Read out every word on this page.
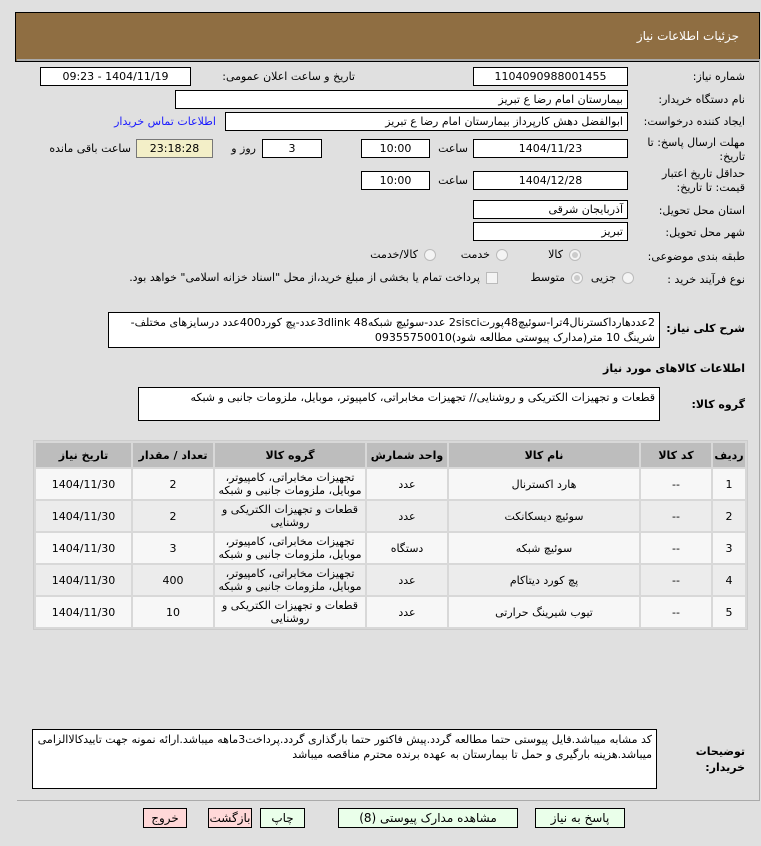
جزئیات اطلاعات نیاز
شماره نیاز:
1104090988001455
تاریخ و ساعت اعلان عمومی:
1404/11/19 - 09:23
نام دستگاه خریدار:
بیمارستان امام رضا ع تبریز
ایجاد کننده درخواست:
ابوالفضل دهش کارپرداز بیمارستان امام رضا ع تبریز
اطلاعات تماس خریدار
مهلت ارسال پاسخ: تا تاریخ:
1404/11/23
ساعت
10:00
3
روز و
23:18:28
ساعت باقی مانده
حداقل تاریخ اعتبار قیمت: تا تاریخ:
1404/12/28
ساعت
10:00
استان محل تحویل:
آذربایجان شرقی
شهر محل تحویل:
تبریز
طبقه بندی موضوعی:
کالا
خدمت
کالا/خدمت
نوع فرآیند خرید :
جزیی
متوسط
پرداخت تمام یا بخشی از مبلغ خرید،از محل "اسناد خزانه اسلامی" خواهد بود.
شرح کلی نیاز:
2عددهارداکسترنال4ترا-سوئیچ48پورت2sisci عدد-سوئیچ شبکه3dlink 48عدد-پچ کورد400عدد درسایزهای مختلف-شرینگ 10 متر(مدارک پیوستی مطالعه شود)09355750010
اطلاعات کالاهای مورد نیاز
گروه کالا:
قطعات و تجهیزات الکتریکی و روشنایی// تجهیزات مخابراتی، کامپیوتر، موبایل، ملزومات جانبی و شبکه
ردیف	کد کالا	نام کالا	واحد شمارش	گروه کالا	تعداد / مقدار	تاریخ نیاز
1	--	هارد اکسترنال	عدد	تجهیزات مخابراتی، کامپیوتر، موبایل، ملزومات جانبی و شبکه	2	1404/11/30
2	--	سوئیچ دیسکانکت	عدد	قطعات و تجهیزات الکتریکی و روشنایی	2	1404/11/30
3	--	سوئیچ شبکه	دستگاه	تجهیزات مخابراتی، کامپیوتر، موبایل، ملزومات جانبی و شبکه	3	1404/11/30
4	--	پچ کورد دیتاکام	عدد	تجهیزات مخابراتی، کامپیوتر، موبایل، ملزومات جانبی و شبکه	400	1404/11/30
5	--	تیوب شیرینگ حرارتی	عدد	قطعات و تجهیزات الکتریکی و روشنایی	10	1404/11/30
توضیحات خریدار:
کد مشابه میباشد.فایل پیوستی حتما مطالعه گردد.پیش فاکتور حتما بارگذاری گردد.پرداخت3ماهه میباشد.ارائه نمونه جهت تاییدکالاالزامی میباشد.هزینه بارگیری و حمل تا بیمارستان به عهده برنده محترم مناقصه میباشد
پاسخ به نیاز
مشاهده مدارک پیوستی (8)
چاپ
بازگشت
خروج
